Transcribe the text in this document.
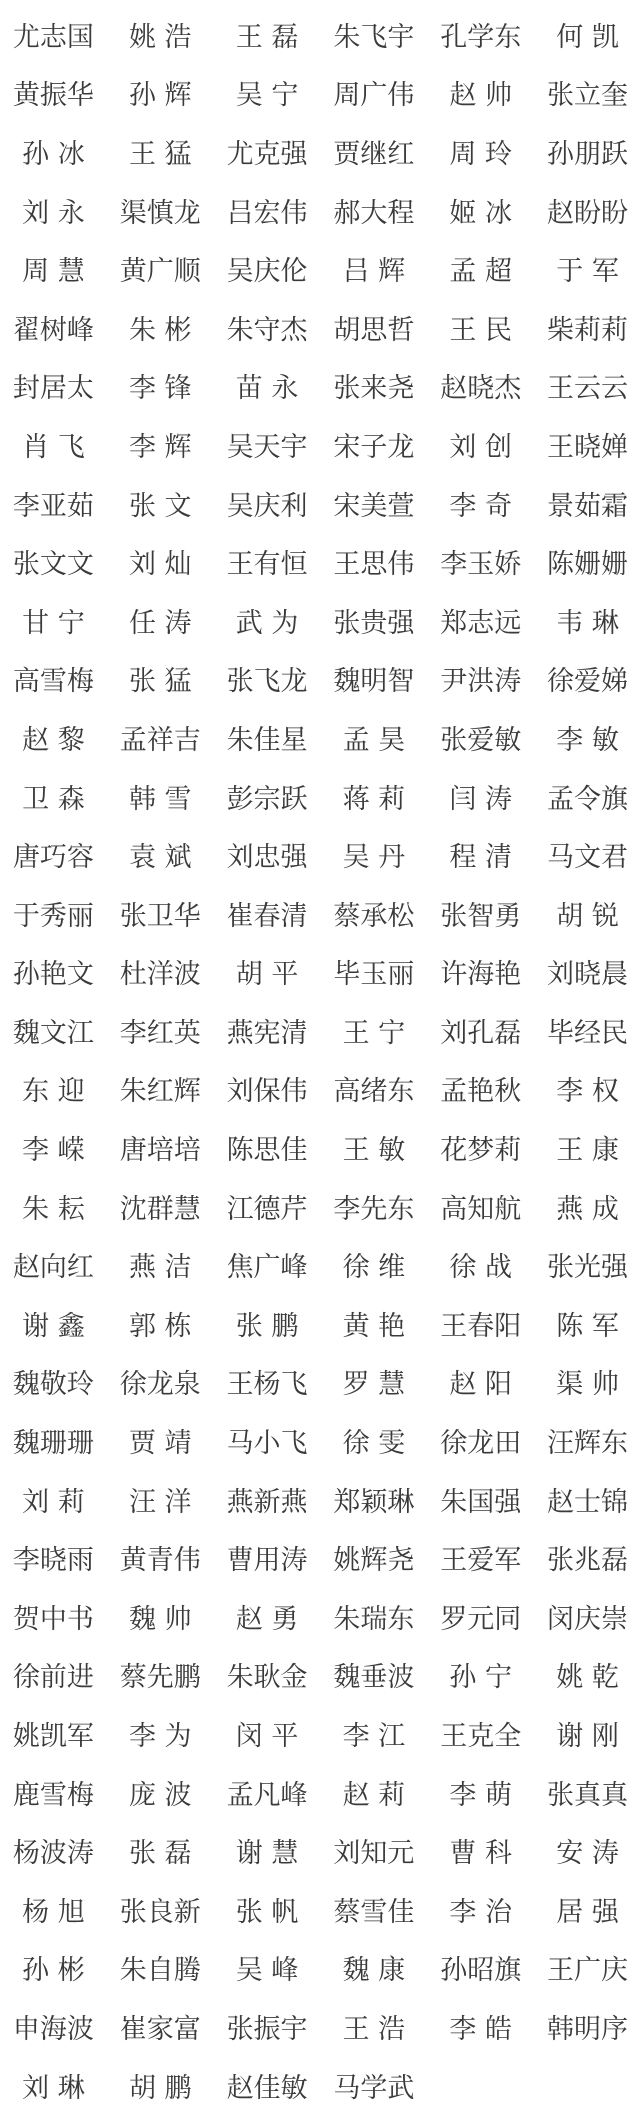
尤志国	姚 浩	王 磊	朱飞宇 孔学东	何 凯
黄振华	孙 辉	吴 宁	周广伟	赵 帅	张立奎
孙 冰	王 猛	尤克强 贾继红	周 玲	孙朋跃
刘 永	渠慎龙 吕宏伟 郝大程	姬 冰	赵盼盼
周 慧	黄广顺 吴庆伦	吕 辉	孟 超	于 军
翟树峰	朱 彬	朱守杰 胡思哲	王 民	柴莉莉
封居太	李 锋	苗 永	张来尧 赵晓杰 王云云
肖 飞	李 辉	吴天宇 宋子龙	刘 创	王晓婵
李亚茹	张 文	吴庆利 宋美萱	李 奇	景茹霜
张文文	刘 灿	王有恒 王思伟 李玉娇 陈姗姗
甘 宁	任 涛	武 为	张贵强 郑志远	韦 琳
高雪梅	张 猛	张飞龙 魏明智 尹洪涛 徐爱娣
赵 黎	孟祥吉 朱佳星	孟 昊	张爱敏	李 敏
卫 森	韩 雪	彭宗跃	蒋 莉	闫 涛	孟令旗
唐巧容	袁 斌	刘忠强	吴 丹	程 清	马文君
于秀丽 张卫华 崔春清 蔡承松 张智勇	胡 锐
孙艳文 杜洋波	胡 平	毕玉丽 许海艳 刘晓晨
魏文江 李红英 燕宪清	王 宁	刘孔磊 毕经民
东 迎	朱红辉 刘保伟 高绪东 孟艳秋	李 权
李 嵘	唐培培 陈思佳	王 敏	花梦莉	王 康
朱 耘	沈群慧 江德芹 李先东 高知航	燕 成
赵向红	燕 洁	焦广峰	徐 维	徐 战	张光强
谢 鑫	郭 栋	张 鹏	黄 艳	王春阳	陈 军
魏敬玲 徐龙泉 王杨飞	罗 慧	赵 阳	渠 帅
魏珊珊	贾 靖	马小飞	徐 雯	徐龙田 汪辉东
刘 莉	汪 洋	燕新燕 郑颖琳 朱国强 赵士锦
李晓雨 黄青伟 曹用涛 姚辉尧 王爱军 张兆磊
贺中书	魏 帅	赵 勇	朱瑞东 罗元同 闵庆崇
徐前进 蔡先鹏 朱耿金 魏垂波	孙 宁	姚 乾
姚凯军	李 为	闵 平	李 江	王克全	谢 刚
鹿雪梅	庞 波	孟凡峰	赵 莉	李 萌	张真真
杨波涛	张 磊	谢 慧	刘知元	曹 科	安 涛
杨 旭	张良新	张 帆	蔡雪佳	李 治	居 强
孙 彬	朱自腾	吴 峰	魏 康	孙昭旗 王广庆
申海波 崔家富 张振宇	王 浩	李 皓	韩明序
刘 琳	胡 鹏	赵佳敏 马学武
